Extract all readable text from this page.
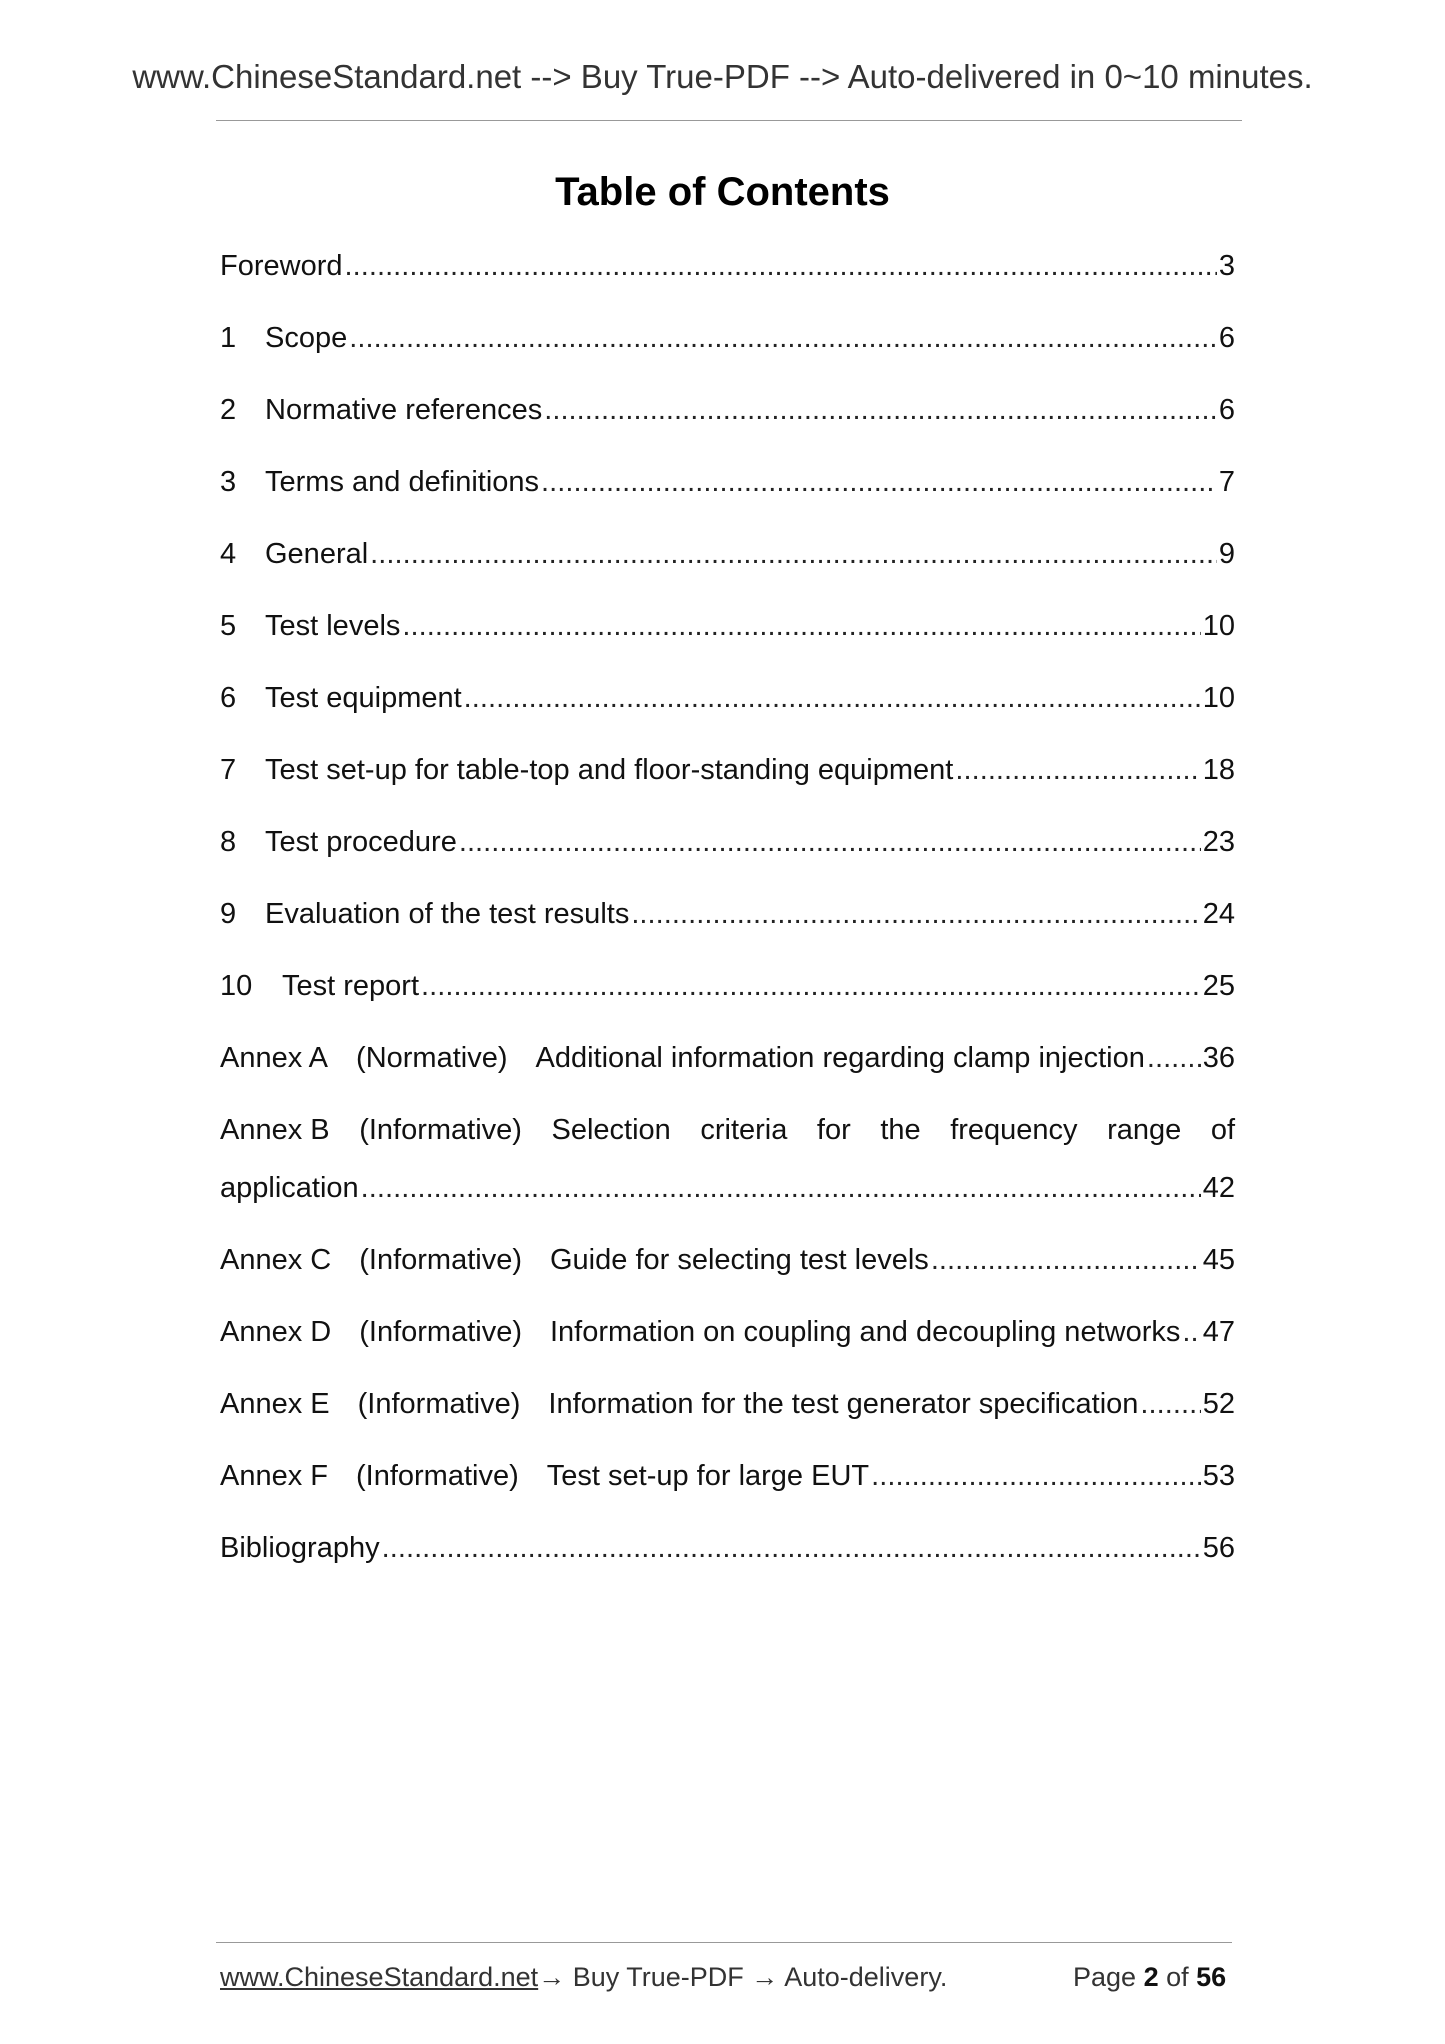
www.ChineseStandard.net --> Buy True-PDF --> Auto-delivered in 0~10 minutes.
Table of Contents
Foreword . . .	3
1 Scope . . .	6
2 Normative references . . .	6
3 Terms and definitions . . .	7
4 General . . .	9
5 Test levels . . .	10
6 Test equipment . . .	10
7 Test set-up for table-top and floor-standing equipment . . .	18
8 Test procedure . . .	23
9 Evaluation of the test results . . .	24
10	Test report . . .	25
Annex A (Normative) Additional information regarding clamp injection . . . 36
Annex B (Informative) Selection criteria for the frequency range of
application . . .	42
Annex C (Informative) Guide for selecting test levels . . .	45
Annex D (Informative) Information on coupling and decoupling networks . . . 47
Annex E (Informative) Information for the test generator specification . . . 52
Annex F (Informative) Test set-up for large EUT . . .	53
Bibliography . . .	56
www.ChineseStandard.net→ Buy True-PDF → Auto-delivery.	Page 2 of 56
